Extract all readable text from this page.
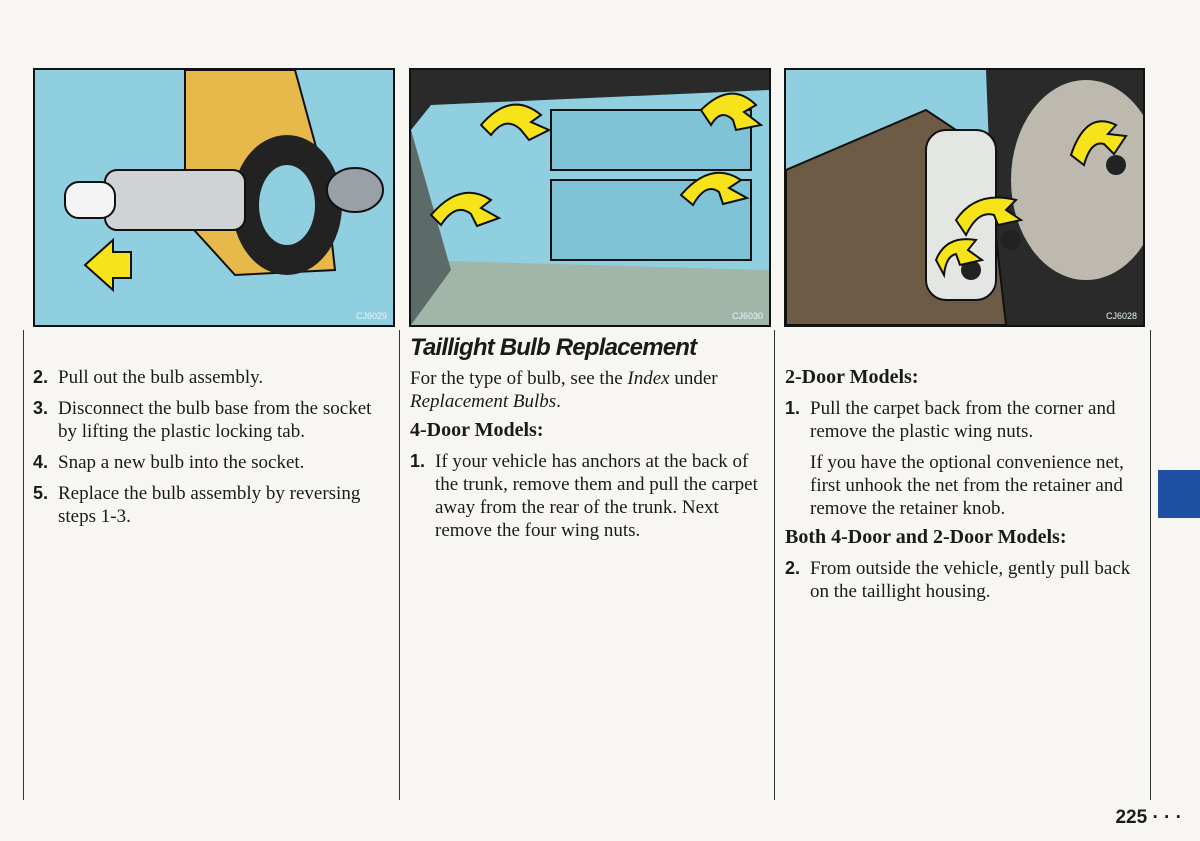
CJ6029	CJ6030	CJ6028
2. Pull out the bulb assembly.
3. Disconnect the bulb base from the socket by lifting the plastic locking tab.
4. Snap a new bulb into the socket.
5. Replace the bulb assembly by reversing steps 1-3.
Taillight Bulb Replacement
For the type of bulb, see the Index under Replacement Bulbs.
4-Door Models:
1. If your vehicle has anchors at the back of the trunk, remove them and pull the carpet away from the rear of the trunk. Next remove the four wing nuts.
2-Door Models:
1. Pull the carpet back from the corner and remove the plastic wing nuts.
If you have the optional convenience net, first unhook the net from the retainer and remove the retainer knob.
Both 4-Door and 2-Door Models:
2. From outside the vehicle, gently pull back on the taillight housing.
225 · · ·
